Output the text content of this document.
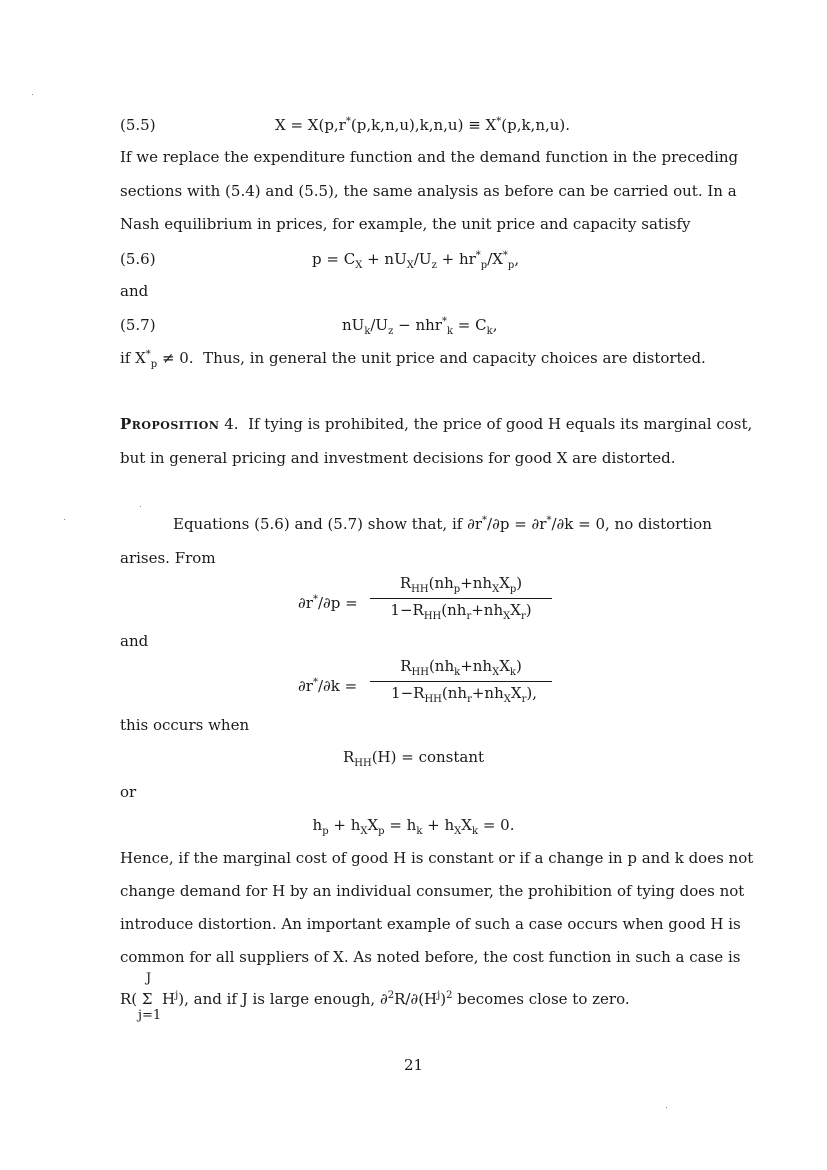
(5.5)	X = X(p,r*(p,k,n,u),k,n,u) ≡ X*(p,k,n,u).
If we replace the expenditure function and the demand function in the preceding
sections with (5.4) and (5.5), the same analysis as before can be carried out. In a
Nash equilibrium in prices, for example, the unit price and capacity satisfy
(5.6)	$p = C_X + nU_X/U_z + hr^*_p/X^*_p$,
and
(5.7)	$nU_k/U_z - nhr^*_k = C_k$,
if $X^*_p \ne 0$.  Thus, in general the unit price and capacity choices are distorted.
Proposition 4. If tying is prohibited, the price of good H equals its marginal cost,
but in general pricing and investment decisions for good X are distorted.
Equations (5.6) and (5.7) show that, if ∂r*/∂p = ∂r*/∂k = 0, no distortion
arises. From
∂r*/∂p =
$R_{HH}(nh_p+nh_XX_p)$
$1-R_{HH}(nh_r+nh_XX_r)$
and
∂r*/∂k =
$R_{HH}(nh_k+nh_XX_k)$
$1-R_{HH}(nh_r+nh_XX_r)$,
this occurs when
$R_{HH}(H)$ = constant
or
$h_p + h_XX_p = h_k + h_XX_k = 0$.
Hence, if the marginal cost of good H is constant or if a change in p and k does not
change demand for H by an individual consumer, the prohibition of tying does not
introduce distortion. An important example of such a case occurs when good H is
common for all suppliers of X. As noted before, the cost function in such a case is
J
R( Σ  $H^j$), and if J is large enough, $\partial^2R/\partial(H^j)^2$ becomes close to zero.
j=1
21
